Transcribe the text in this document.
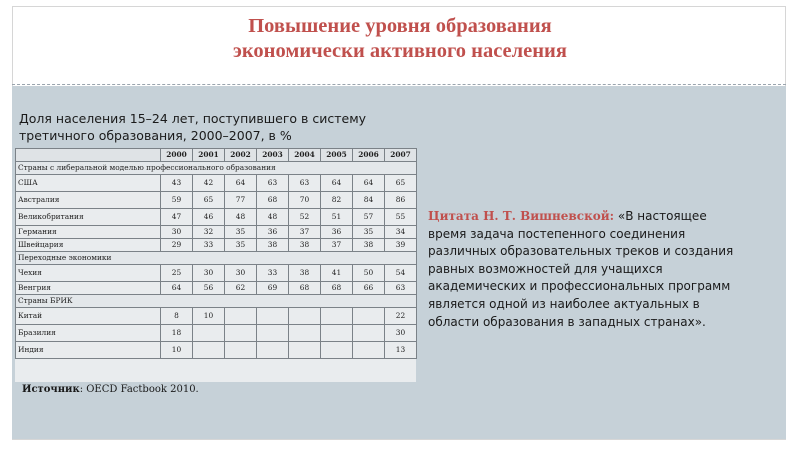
Повышение уровня образования
экономически активного населения
Доля населения 15–24 лет, поступившего в систему
третичного образования, 2000–2007, в %
	2000	2001	2002	2003	2004	2005	2006	2007
Страны с либеральной моделью профессионального образования								
США	43	42	64	63	63	64	64	65
Австралия	59	65	77	68	70	82	84	86
Великобритания	47	46	48	48	52	51	57	55
Германия	30	32	35	36	37	36	35	34
Швейцария	29	33	35	38	38	37	38	39
Переходные экономики								
Чехия	25	30	30	33	38	41	50	54
Венгрия	64	56	62	69	68	68	66	63
Страны БРИК								
Китай	8	10						22
Бразилия	18							30
Индия	10							13
Источник: OECD Factbook 2010.
Цитата Н. Т. Вишневской: «В настоящее
время задача постепенного соединения
различных образовательных треков и создания
равных возможностей для учащихся
академических и профессиональных программ
является одной из наиболее актуальных в
области образования в западных странах».
